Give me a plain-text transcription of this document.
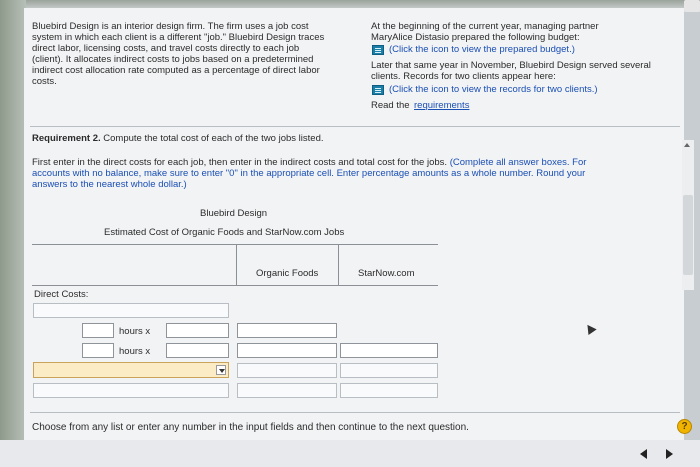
Bluebird Design is an interior design firm. The firm uses a job cost
system in which each client is a different "job." Bluebird Design traces
direct labor, licensing costs, and travel costs directly to each job
(client). It allocates indirect costs to jobs based on a predetermined
indirect cost allocation rate computed as a percentage of direct labor
costs.
At the beginning of the current year, managing partner
MaryAlice Distasio prepared the following budget:
(Click the icon to view the prepared budget.)
Later that same year in November, Bluebird Design served several
clients. Records for two clients appear here:
(Click the icon to view the records for two clients.)
Read the requirements
Requirement 2. Compute the total cost of each of the two jobs listed.
First enter in the direct costs for each job, then enter in the indirect costs and total cost for the jobs. (Complete all answer boxes. For
accounts with no balance, make sure to enter "0" in the appropriate cell. Enter percentage amounts as a whole number. Round your
answers to the nearest whole dollar.)
Bluebird Design
Estimated Cost of Organic Foods and StarNow.com Jobs
Organic Foods	StarNow.com
Direct Costs:
hours x
hours x
Choose from any list or enter any number in the input fields and then continue to the next question.	?
